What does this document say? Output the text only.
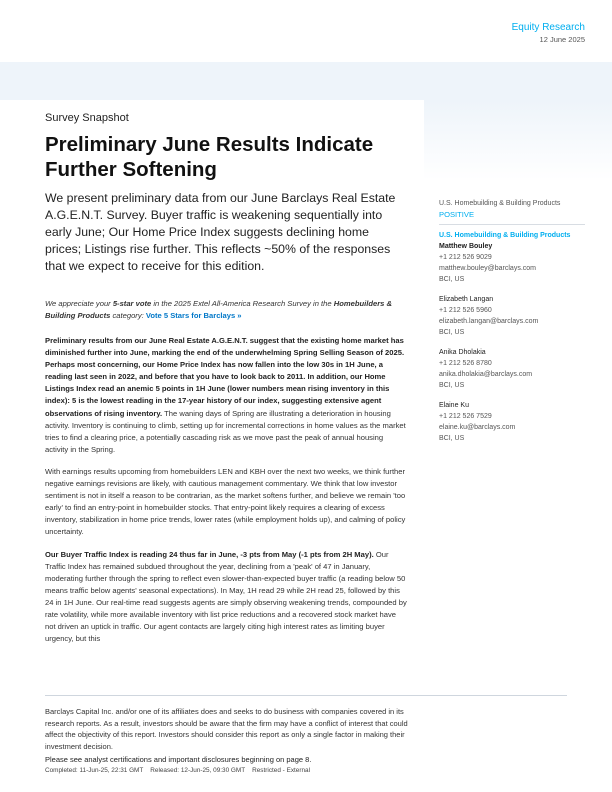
Equity Research
12 June 2025
Survey Snapshot
Preliminary June Results Indicate Further Softening

We present preliminary data from our June Barclays Real Estate A.G.E.N.T. Survey. Buyer traffic is weakening sequentially into early June; Our Home Price Index suggests declining home prices; Listings rise further. This reflects ~50% of the responses that we expect to receive for this edition.

We appreciate your 5-star vote in the 2025 Extel All-America Research Survey in the Homebuilders & Building Products category: Vote 5 Stars for Barclays »

Preliminary results from our June Real Estate A.G.E.N.T. suggest that the existing home market has diminished further into June, marking the end of the underwhelming Spring Selling Season of 2025. Perhaps most concerning, our Home Price Index has now fallen into the low 30s in 1H June, a reading last seen in 2022, and before that you have to look back to 2011. In addition, our Home Listings Index read an anemic 5 points in 1H June (lower numbers mean rising inventory in this index): 5 is the lowest reading in the 17-year history of our index, suggesting extensive agent observations of rising inventory. The waning days of Spring are illustrating a deterioration in housing activity. Inventory is continuing to climb, setting up for incremental corrections in home values as the market tries to find a clearing price, a potentially cascading risk as we move past the peak of annual housing activity in the Spring.

With earnings results upcoming from homebuilders LEN and KBH over the next two weeks, we think further negative earnings revisions are likely, with cautious management commentary. We think that low investor sentiment is not in itself a reason to be contrarian, as the market softens further, and believe we remain 'too early' to find an entry-point in homebuilder stocks. That entry-point likely requires a clearing of excess inventory, stabilization in home price trends, lower rates (while employment holds up), and calming of policy uncertainty.

Our Buyer Traffic Index is reading 24 thus far in June, -3 pts from May (-1 pts from 2H May). Our Traffic Index has remained subdued throughout the year, declining from a 'peak' of 47 in January, moderating further through the spring to reflect even slower-than-expected buyer traffic (a reading below 50 means traffic below agents' seasonal expectations). In May, 1H read 29 while 2H read 25, followed by this 24 in 1H June. Our real-time read suggests agents are simply observing weakening trends, compounded by rate volatility, while more available inventory with list price reductions and a recovered stock market have not driven an uptick in traffic. Our agent contacts are largely citing high interest rates as limiting buyer urgency, but this

U.S. Homebuilding & Building Products
POSITIVE
U.S. Homebuilding & Building Products
Matthew Bouley
+1 212 526 9029
matthew.bouley@barclays.com
BCI, US
Elizabeth Langan
+1 212 526 5960
elizabeth.langan@barclays.com
BCI, US
Anika Dholakia
+1 212 526 8780
anika.dholakia@barclays.com
BCI, US
Elaine Ku
+1 212 526 7529
elaine.ku@barclays.com
BCI, US

Barclays Capital Inc. and/or one of its affiliates does and seeks to do business with companies covered in its research reports. As a result, investors should be aware that the firm may have a conflict of interest that could affect the objectivity of this report. Investors should consider this report as only a single factor in making their investment decision.

Please see analyst certifications and important disclosures beginning on page 8.

Completed: 11-Jun-25, 22:31 GMT Released: 12-Jun-25, 09:30 GMT Restricted - External
